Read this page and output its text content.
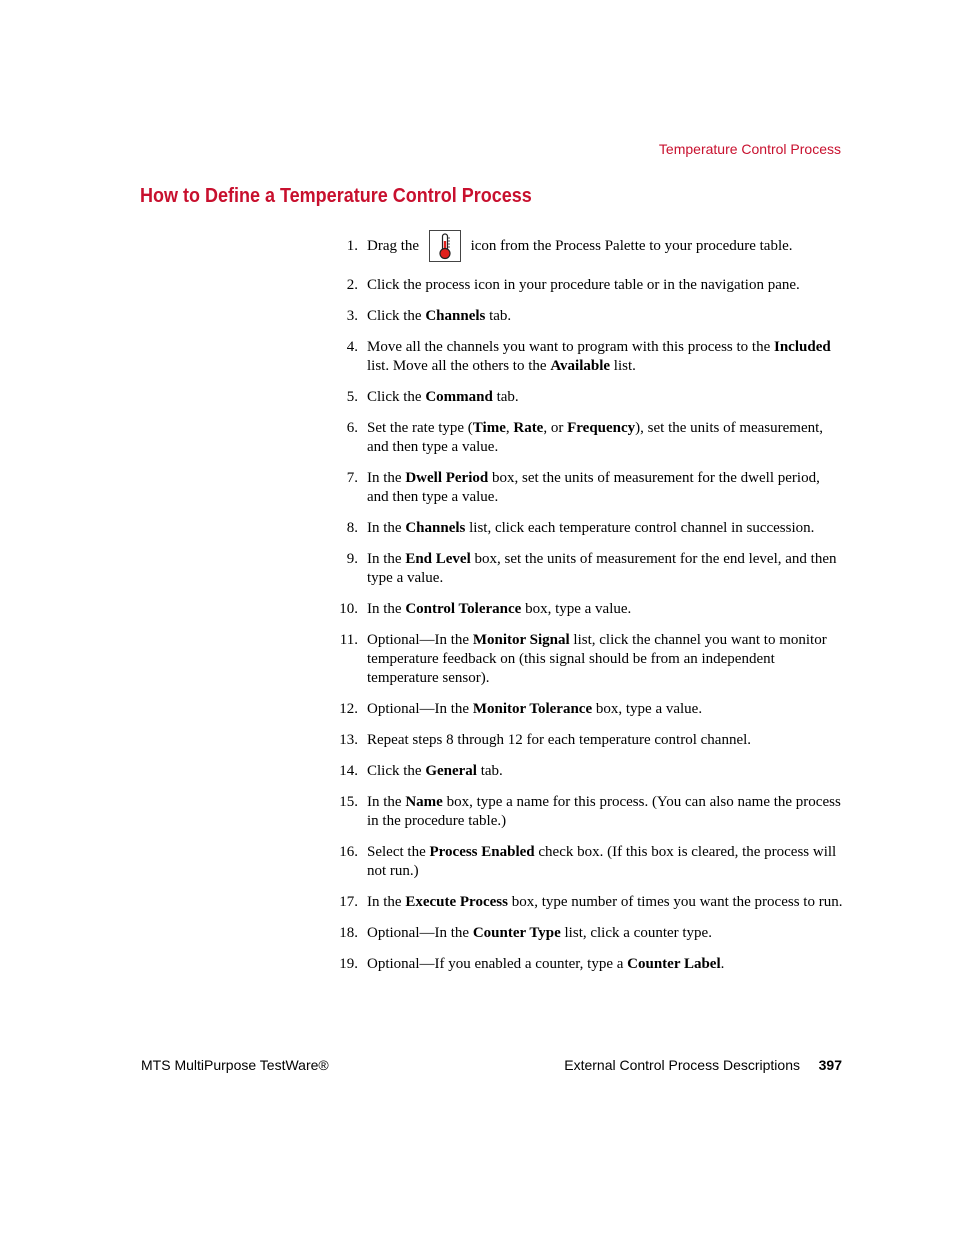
Temperature Control Process
How to Define a Temperature Control Process
1. Drag the	icon from the Process Palette to your procedure table.
2. Click the process icon in your procedure table or in the navigation pane.
3. Click the Channels tab.
4. Move all the channels you want to program with this process to the Included list. Move all the others to the Available list.
5. Click the Command tab.
6. Set the rate type (Time, Rate, or Frequency), set the units of measurement, and then type a value.
7. In the Dwell Period box, set the units of measurement for the dwell period, and then type a value.
8. In the Channels list, click each temperature control channel in succession.
9. In the End Level box, set the units of measurement for the end level, and then type a value.
10. In the Control Tolerance box, type a value.
11. Optional—In the Monitor Signal list, click the channel you want to monitor temperature feedback on (this signal should be from an independent temperature sensor).
12. Optional—In the Monitor Tolerance box, type a value.
13. Repeat steps 8 through 12 for each temperature control channel.
14. Click the General tab.
15. In the Name box, type a name for this process. (You can also name the process in the procedure table.)
16. Select the Process Enabled check box. (If this box is cleared, the process will not run.)
17. In the Execute Process box, type number of times you want the process to run.
18. Optional—In the Counter Type list, click a counter type.
19. Optional—If you enabled a counter, type a Counter Label.
MTS MultiPurpose TestWare®	External Control Process Descriptions 397
